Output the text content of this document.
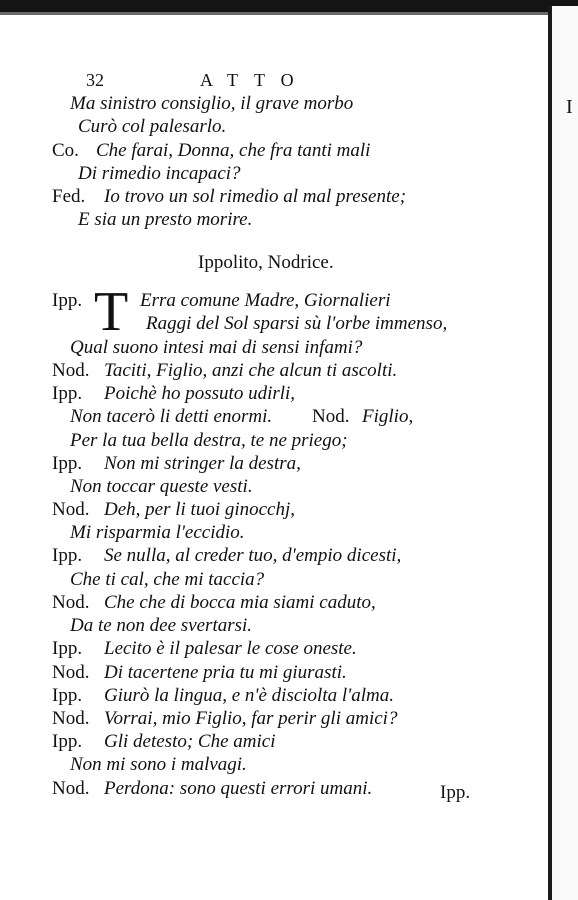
I
32	ATTO
Ippolito, Nodrice.
T
Ma sinistro consiglio, il grave morbo
Curò col palesarlo.
Co. Che farai, Donna, che fra tanti mali
Di rimedio incapaci?
Fed. Io trovo un sol rimedio al mal presente;
E sia un presto morire.
Ipp.	Erra comune Madre, Giornalieri
Raggi del Sol sparsi sù l'orbe immenso,
Qual suono intesi mai di sensi infami?
Nod. Taciti, Figlio, anzi che alcun ti ascolti.
Ipp. Poichè ho possuto udirli,
Non tacerò li detti enormi. Nod. Figlio,
Per la tua bella destra, te ne priego;
Ipp. Non mi stringer la destra,
Non toccar queste vesti.
Nod. Deh, per li tuoi ginocchj,
Mi risparmia l'eccidio.
Ipp. Se nulla, al creder tuo, d'empio dicesti,
Che ti cal, che mi taccia?
Nod. Che che di bocca mia siami caduto,
Da te non dee svertarsi.
Ipp. Lecito è il palesar le cose oneste.
Nod. Di tacertene pria tu mi giurasti.
Ipp. Giurò la lingua, e n'è disciolta l'alma.
Nod. Vorrai, mio Figlio, far perir gli amici?
Ipp. Gli detesto; Che amici
Non mi sono i malvagi.
Nod. Perdona: sono questi errori umani.	Ipp.
